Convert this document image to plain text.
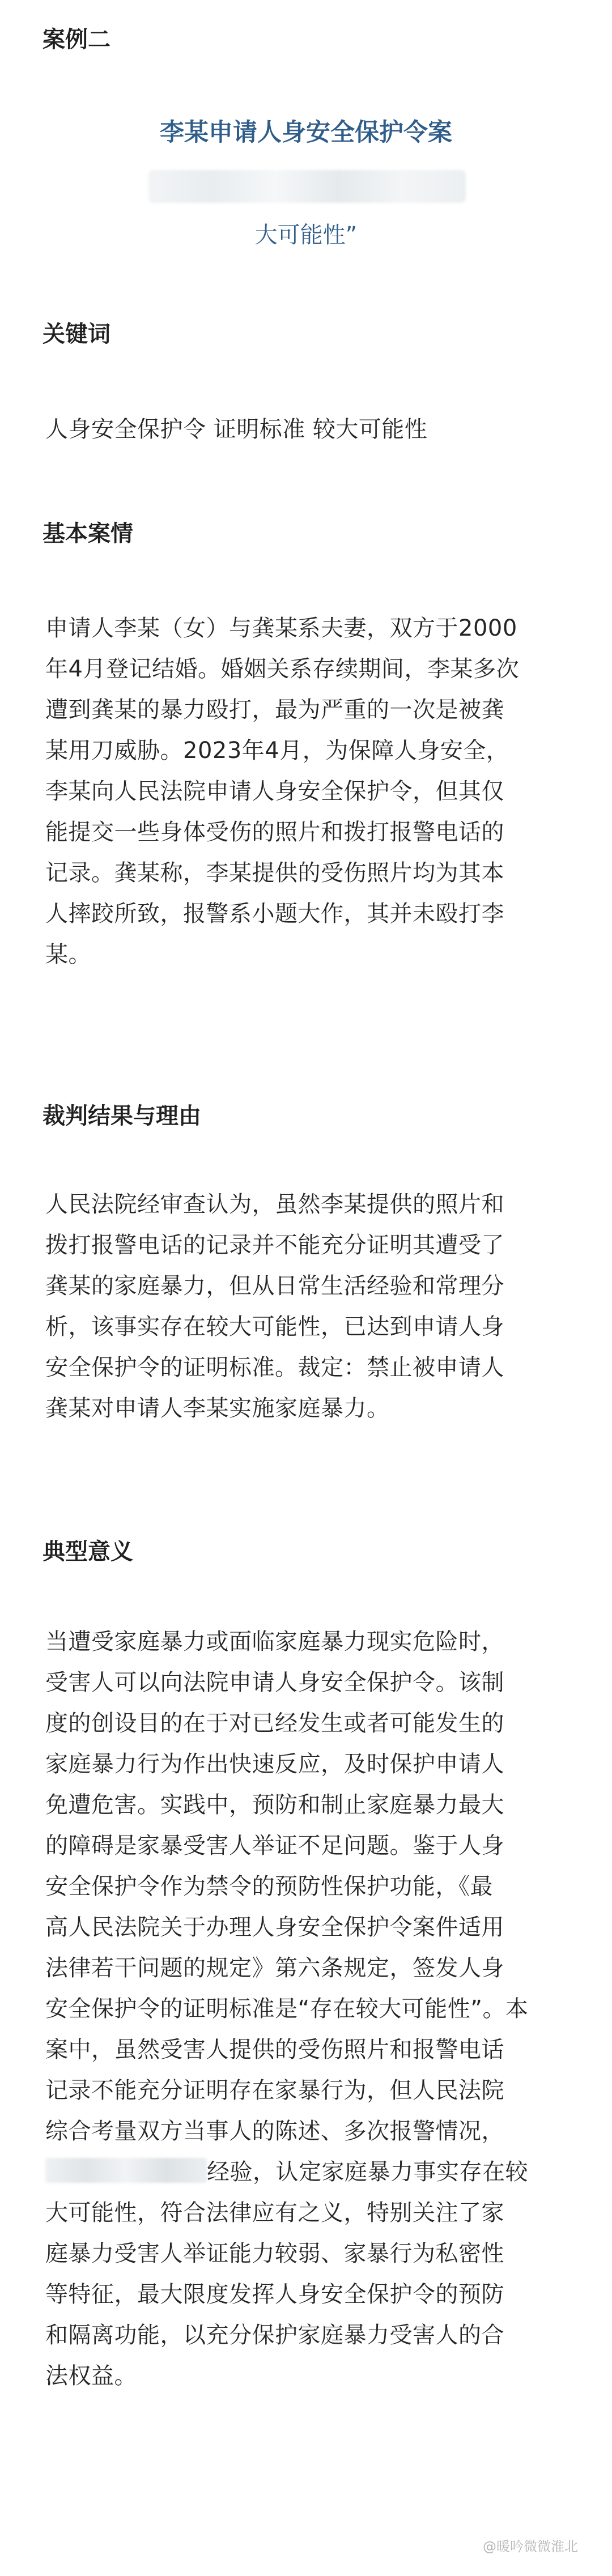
案例二
李某申请人身安全保护令案
大可能性”
关键词
人身安全保护令 证明标准 较大可能性
基本案情
申请人李某（女）与龚某系夫妻，双方于2000
年4月登记结婚。婚姻关系存续期间，李某多次
遭到龚某的暴力殴打，最为严重的一次是被龚
某用刀威胁。2023年4月，为保障人身安全，
李某向人民法院申请人身安全保护令，但其仅
能提交一些身体受伤的照片和拨打报警电话的
记录。龚某称，李某提供的受伤照片均为其本
人摔跤所致，报警系小题大作，其并未殴打李
某。
裁判结果与理由
人民法院经审查认为，虽然李某提供的照片和
拨打报警电话的记录并不能充分证明其遭受了
龚某的家庭暴力，但从日常生活经验和常理分
析，该事实存在较大可能性，已达到申请人身
安全保护令的证明标准。裁定：禁止被申请人
龚某对申请人李某实施家庭暴力。
典型意义
当遭受家庭暴力或面临家庭暴力现实危险时，
受害人可以向法院申请人身安全保护令。该制
度的创设目的在于对已经发生或者可能发生的
家庭暴力行为作出快速反应，及时保护申请人
免遭危害。实践中，预防和制止家庭暴力最大
的障碍是家暴受害人举证不足问题。鉴于人身
安全保护令作为禁令的预防性保护功能，《最
高人民法院关于办理人身安全保护令案件适用
法律若干问题的规定》第六条规定，签发人身
安全保护令的证明标准是“存在较大可能性”。本
案中，虽然受害人提供的受伤照片和报警电话
记录不能充分证明存在家暴行为，但人民法院
综合考量双方当事人的陈述、多次报警情况，
经验，认定家庭暴力事实存在较
大可能性，符合法律应有之义，特别关注了家
庭暴力受害人举证能力较弱、家暴行为私密性
等特征，最大限度发挥人身安全保护令的预防
和隔离功能，以充分保护家庭暴力受害人的合
法权益。
@暖吟微微淮北
